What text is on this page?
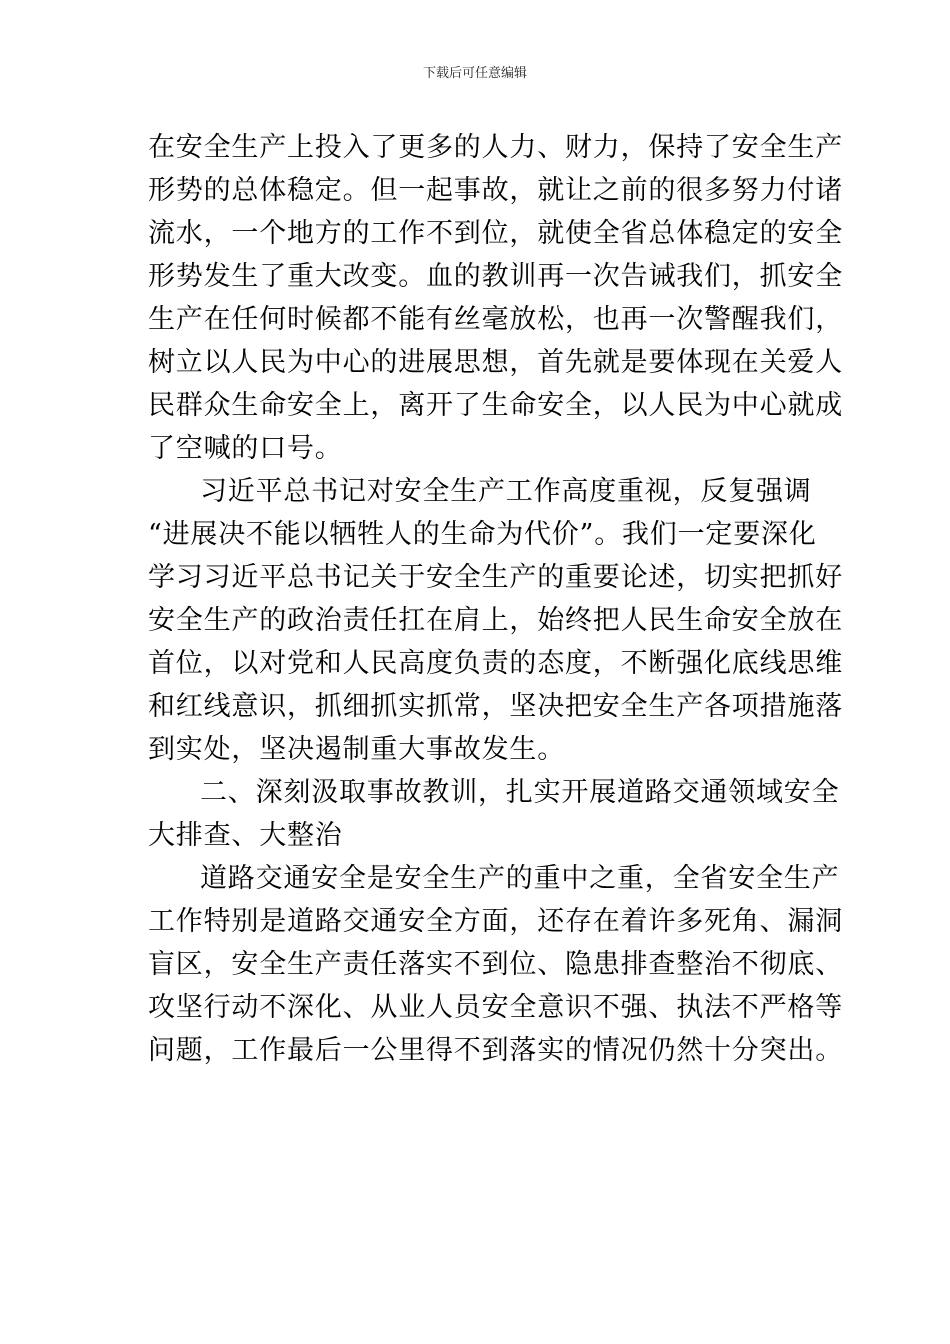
下载后可任意编辑
在安全生产上投入了更多的人力、财力，保持了安全生产
形势的总体稳定。但一起事故，就让之前的很多努力付诸
流水，一个地方的工作不到位，就使全省总体稳定的安全
形势发生了重大改变。血的教训再一次告诫我们，抓安全
生产在任何时候都不能有丝毫放松，也再一次警醒我们，
树立以人民为中心的进展思想，首先就是要体现在关爱人
民群众生命安全上，离开了生命安全，以人民为中心就成
了空喊的口号。
习近平总书记对安全生产工作高度重视，反复强调
“进展决不能以牺牲人的生命为代价”。我们一定要深化
学习习近平总书记关于安全生产的重要论述，切实把抓好
安全生产的政治责任扛在肩上，始终把人民生命安全放在
首位，以对党和人民高度负责的态度，不断强化底线思维
和红线意识，抓细抓实抓常，坚决把安全生产各项措施落
到实处，坚决遏制重大事故发生。
二、深刻汲取事故教训，扎实开展道路交通领域安全
大排查、大整治
道路交通安全是安全生产的重中之重，全省安全生产
工作特别是道路交通安全方面，还存在着许多死角、漏洞
盲区，安全生产责任落实不到位、隐患排查整治不彻底、
攻坚行动不深化、从业人员安全意识不强、执法不严格等
问题，工作最后一公里得不到落实的情况仍然十分突出。
